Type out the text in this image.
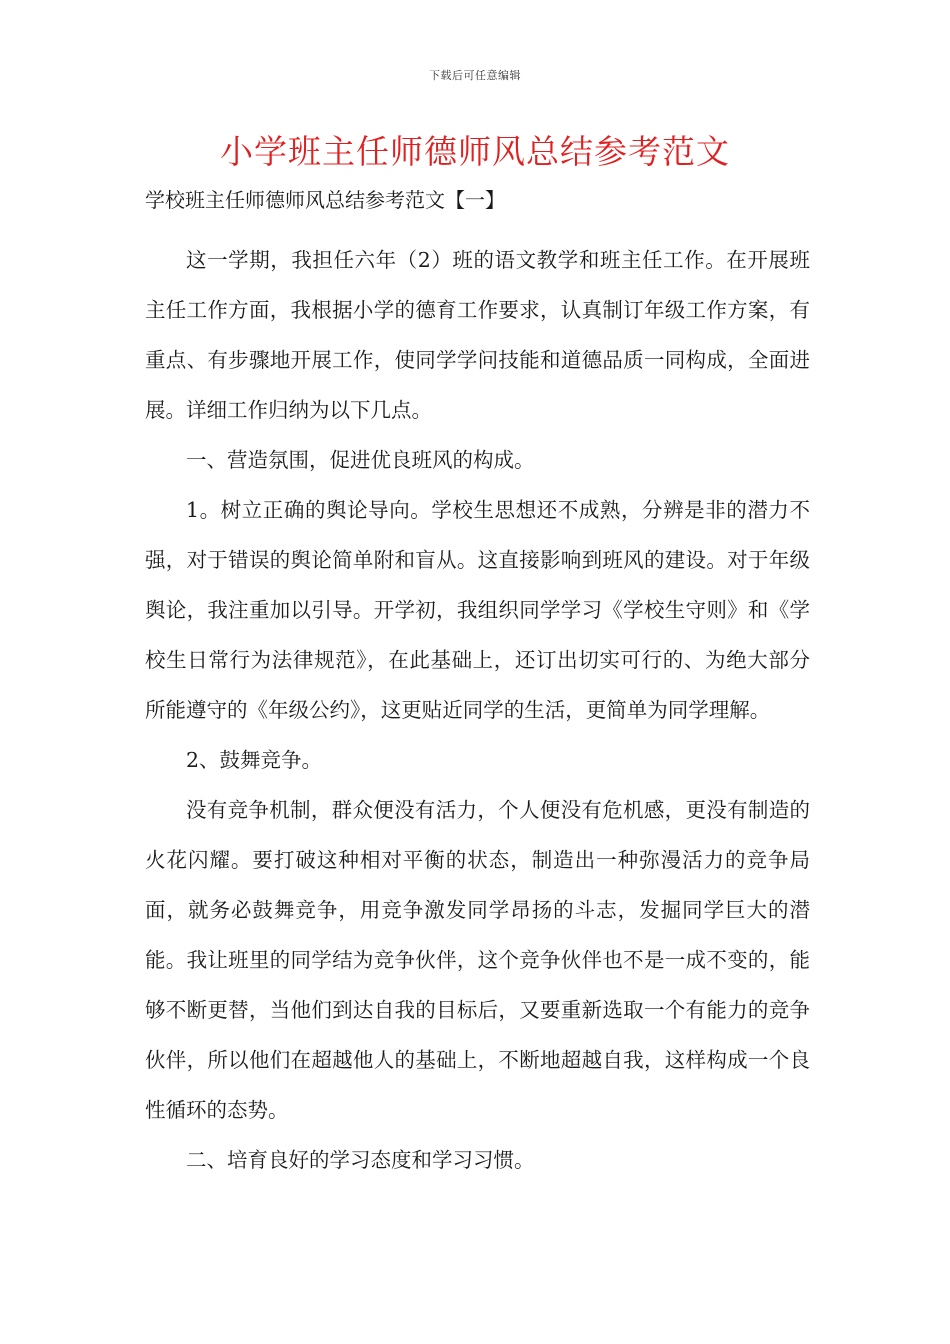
下载后可任意编辑
小学班主任师德师风总结参考范文
学校班主任师德师风总结参考范文【一】

这一学期，我担任六年（2）班的语文教学和班主任工作。在开展班主任工作方面，我根据小学的德育工作要求，认真制订年级工作方案，有重点、有步骤地开展工作，使同学学问技能和道德品质一同构成，全面进展。详细工作归纳为以下几点。

一、营造氛围，促进优良班风的构成。

1。树立正确的舆论导向。学校生思想还不成熟，分辨是非的潜力不强，对于错误的舆论简单附和盲从。这直接影响到班风的建设。对于年级舆论，我注重加以引导。开学初，我组织同学学习《学校生守则》和《学校生日常行为法律规范》，在此基础上，还订出切实可行的、为绝大部分所能遵守的《年级公约》，这更贴近同学的生活，更简单为同学理解。

2、鼓舞竞争。

没有竞争机制，群众便没有活力，个人便没有危机感，更没有制造的火花闪耀。要打破这种相对平衡的状态，制造出一种弥漫活力的竞争局面，就务必鼓舞竞争，用竞争激发同学昂扬的斗志，发掘同学巨大的潜能。我让班里的同学结为竞争伙伴，这个竞争伙伴也不是一成不变的，能够不断更替，当他们到达自我的目标后，又要重新选取一个有能力的竞争伙伴，所以他们在超越他人的基础上，不断地超越自我，这样构成一个良性循环的态势。

二、培育良好的学习态度和学习习惯。
